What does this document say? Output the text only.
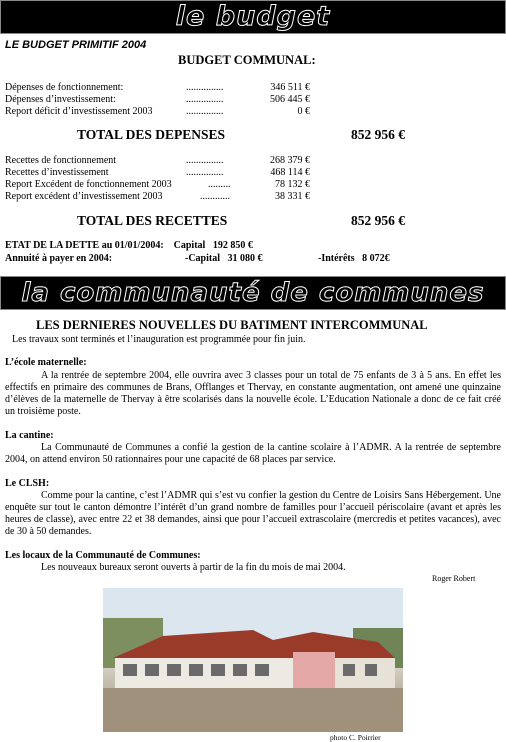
le budget
LE BUDGET PRIMITIF 2004
BUDGET COMMUNAL:
Dépenses de fonctionnement:	...............	346 511 €
Dépenses d’investissement:	...............	506 445 €
Report déficit d’investissement 2003	...............	0 €
TOTAL DES DEPENSES	852 956 €
Recettes de fonctionnement	...............	268 379 €
Recettes d’investissement	...............	468 114 €
Report Excédent de fonctionnement 2003	.........	78 132 €
Report excédent d’investissement 2003	............	38 331 €
TOTAL DES RECETTES	852 956 €
ETAT DE LA DETTE au 01/01/2004:    Capital   192 850 €
Annuité à payer en 2004:	-Capital   31 080 €	-Intérêts   8 072€
la communauté de communes
LES DERNIERES NOUVELLES DU BATIMENT INTERCOMMUNAL
Les travaux sont terminés et l’inauguration est programmée pour fin juin.
L’école maternelle:
A la rentrée de septembre 2004, elle ouvrira avec 3 classes pour un total de 75 enfants de 3 à 5 ans. En effet les effectifs en primaire des communes de Brans, Offlanges et Thervay, en constante augmentation, ont amené une quinzaine d’élèves de la maternelle de Thervay à être scolarisés dans la nouvelle école. L’Education Nationale a donc de ce fait créé un troisième poste.
La cantine:
La Communauté de Communes a confié la gestion de la cantine scolaire à l’ADMR. A la rentrée de septembre 2004, on attend environ 50 rationnaires pour une capacité de 68 places par service.
Le CLSH:
Comme pour la cantine, c’est l’ADMR qui s’est vu confier la gestion du Centre de Loisirs Sans Hébergement. Une enquête sur tout le canton démontre l’intérêt d’un grand nombre de familles pour l’accueil périscolaire (avant et après les heures de classe), avec entre 22 et 38 demandes, ainsi que pour l’accueil extrascolaire (mercredis et petites vacances), avec de 30 à 50 demandes.
Les locaux de la Communauté de Communes:
Les nouveaux bureaux seront ouverts à partir de la fin du mois de mai 2004.
Roger Robert
photo C. Poirrier
